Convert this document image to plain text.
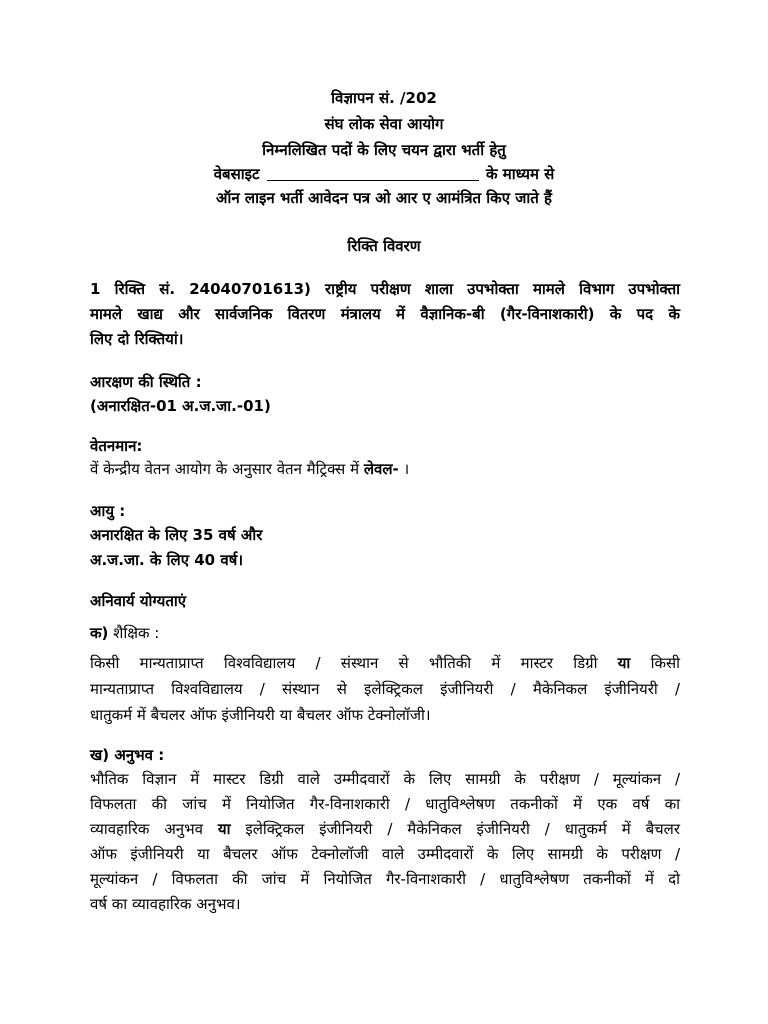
विज्ञापन सं. /202
संघ लोक सेवा आयोग
निम्नलिखित पदों के लिए चयन द्वारा भर्ती हेतु
वेबसाइट	के माध्यम से
ऑन लाइन भर्ती आवेदन पत्र ओ आर ए आमंत्रित किए जाते हैं
रिक्ति विवरण
1 रिक्ति सं. 24040701613) राष्ट्रीय परीक्षण शाला उपभोक्ता मामले विभाग उपभोक्ता
मामले खाद्य और सार्वजनिक वितरण मंत्रालय में वैज्ञानिक-बी (गैर-विनाशकारी) के पद के
लिए दो रिक्तियां।
आरक्षण की स्थिति :
(अनारक्षित-01 अ.ज.जा.-01)
वेतनमान:
वें केन्द्रीय वेतन आयोग के अनुसार वेतन मैट्रिक्स में लेवल- ।
आयु :
अनारक्षित के लिए 35 वर्ष और
अ.ज.जा. के लिए 40 वर्ष।
अनिवार्य योग्यताएं
क) शैक्षिक :
किसी मान्यताप्राप्त विश्वविद्यालय / संस्थान से भौतिकी में मास्टर डिग्री या किसी
मान्यताप्राप्त विश्वविद्यालय / संस्थान से इलेक्ट्रिकल इंजीनियरी / मैकेनिकल इंजीनियरी /
धातुकर्म में बैचलर ऑफ इंजीनियरी या बैचलर ऑफ टेक्नोलॉजी।
ख) अनुभव :
भौतिक विज्ञान में मास्टर डिग्री वाले उम्मीदवारों के लिए सामग्री के परीक्षण / मूल्यांकन /
विफलता की जांच में नियोजित गैर-विनाशकारी / धातुविश्लेषण तकनीकों में एक वर्ष का
व्यावहारिक अनुभव या इलेक्ट्रिकल इंजीनियरी / मैकेनिकल इंजीनियरी / धातुकर्म में बैचलर
ऑफ इंजीनियरी या बैचलर ऑफ टेक्नोलॉजी वाले उम्मीदवारों के लिए सामग्री के परीक्षण /
मूल्यांकन / विफलता की जांच में नियोजित गैर-विनाशकारी / धातुविश्लेषण तकनीकों में दो
वर्ष का व्यावहारिक अनुभव।
